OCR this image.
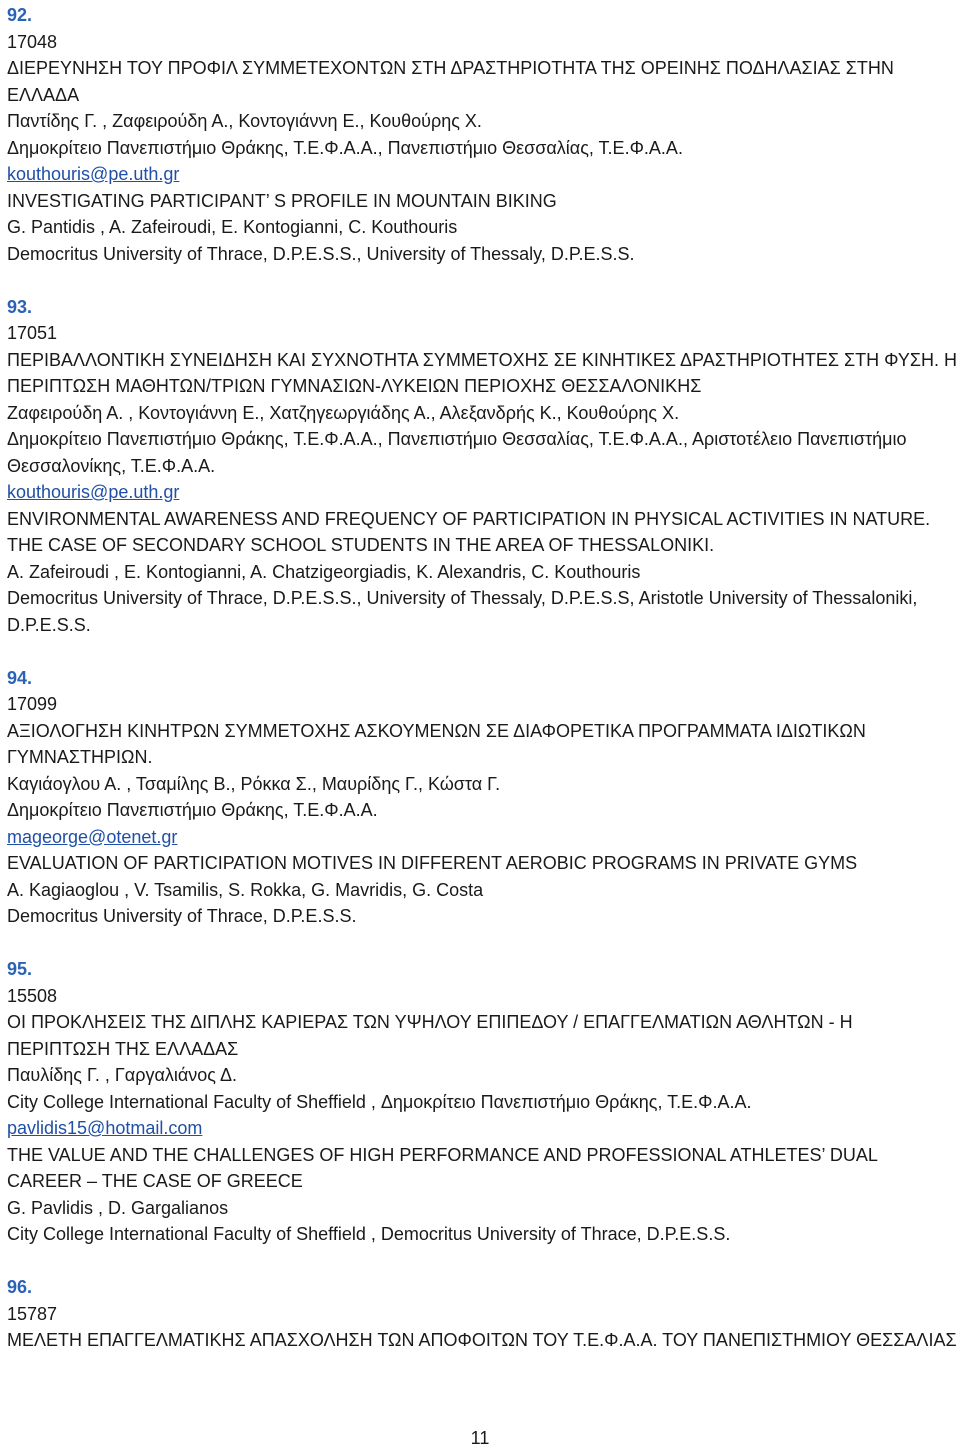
92.
17048
ΔΙΕΡΕΥΝΗΣΗ ΤΟΥ ΠΡΟΦΙΛ ΣΥΜΜΕΤΕΧΟΝΤΩΝ ΣΤΗ ΔΡΑΣΤΗΡΙΟΤΗΤΑ ΤΗΣ ΟΡΕΙΝΗΣ ΠΟΔΗΛΑΣΙΑΣ ΣΤΗΝ ΕΛΛΑΔΑ
Παντίδης Γ. , Ζαφειρούδη Α., Κοντογιάννη Ε., Κουθούρης Χ.
Δημοκρίτειο Πανεπιστήμιο Θράκης, Τ.Ε.Φ.Α.Α., Πανεπιστήμιο Θεσσαλίας, Τ.Ε.Φ.Α.Α.
kouthouris@pe.uth.gr
INVESTIGATING PARTICIPANT’ S PROFILE IN MOUNTAIN BIKING
G. Pantidis , A. Zafeiroudi, E. Kontogianni, C. Kouthouris
Democritus University of Thrace, D.P.E.S.S., University of Thessaly, D.P.E.S.S.
93.
17051
ΠΕΡΙΒΑΛΛΟΝΤΙΚΗ ΣΥΝΕΙΔΗΣΗ ΚΑΙ ΣΥΧΝΟΤΗΤΑ ΣΥΜΜΕΤΟΧΗΣ ΣΕ ΚΙΝΗΤΙΚΕΣ ΔΡΑΣΤΗΡΙΟΤΗΤΕΣ ΣΤΗ ΦΥΣΗ. Η ΠΕΡΙΠΤΩΣΗ ΜΑΘΗΤΩΝ/ΤΡΙΩΝ ΓΥΜΝΑΣΙΩΝ-ΛΥΚΕΙΩΝ ΠΕΡΙΟΧΗΣ ΘΕΣΣΑΛΟΝΙΚΗΣ
Ζαφειρούδη Α. , Κοντογιάννη Ε., Χατζηγεωργιάδης Α., Αλεξανδρής Κ., Κουθούρης Χ.
Δημοκρίτειο Πανεπιστήμιο Θράκης, Τ.Ε.Φ.Α.Α., Πανεπιστήμιο Θεσσαλίας, Τ.Ε.Φ.Α.Α., Αριστοτέλειο Πανεπιστήμιο Θεσσαλονίκης, Τ.Ε.Φ.Α.Α.
kouthouris@pe.uth.gr
ENVIRONMENTAL AWARENESS AND FREQUENCY OF PARTICIPATION IN PHYSICAL ACTIVITIES IN NATURE. THE CASE OF SECONDARY SCHOOL STUDENTS IN THE AREA OF THESSALONIKI.
A. Zafeiroudi , E. Kontogianni, A. Chatzigeorgiadis, K. Alexandris, C. Kouthouris
Democritus University of Thrace, D.P.E.S.S., University of Thessaly, D.P.E.S.S, Aristotle University of Thessaloniki, D.P.E.S.S.
94.
17099
ΑΞΙΟΛΟΓΗΣΗ ΚΙΝΗΤΡΩΝ ΣΥΜΜΕΤΟΧΗΣ ΑΣΚΟΥΜΕΝΩΝ ΣΕ ΔΙΑΦΟΡΕΤΙΚΑ ΠΡΟΓΡΑΜΜΑΤΑ ΙΔΙΩΤΙΚΩΝ ΓΥΜΝΑΣΤΗΡΙΩΝ.
Καγιάογλου Α. , Τσαμίλης Β., Ρόκκα Σ., Μαυρίδης Γ., Κώστα Γ.
Δημοκρίτειο Πανεπιστήμιο Θράκης, Τ.Ε.Φ.Α.Α.
mageorge@otenet.gr
EVALUATION OF PARTICIPATION MOTIVES IN DIFFERENT AEROBIC PROGRAMS IN PRIVATE GYMS
A. Kagiaoglou , V. Tsamilis, S. Rokka, G. Mavridis, G. Costa
Democritus University of Thrace, D.P.E.S.S.
95.
15508
ΟΙ ΠΡΟΚΛΗΣΕΙΣ ΤΗΣ ΔΙΠΛΗΣ ΚΑΡΙΕΡΑΣ ΤΩΝ ΥΨΗΛΟΥ ΕΠΙΠΕΔΟΥ / ΕΠΑΓΓΕΛΜΑΤΙΩΝ ΑΘΛΗΤΩΝ - Η ΠΕΡΙΠΤΩΣΗ ΤΗΣ ΕΛΛΑΔΑΣ
Παυλίδης Γ. , Γαργαλιάνος Δ.
City College International Faculty of Sheffield , Δημοκρίτειο Πανεπιστήμιο Θράκης, Τ.Ε.Φ.Α.Α.
pavlidis15@hotmail.com
THE VALUE AND THE CHALLENGES OF HIGH PERFORMANCE AND PROFESSIONAL ATHLETES’ DUAL CAREER – THE CASE OF GREECE
G. Pavlidis , D. Gargalianos
City College International Faculty of Sheffield , Democritus University of Thrace, D.P.E.S.S.
96.
15787
ΜΕΛΕΤΗ ΕΠΑΓΓΕΛΜΑΤΙΚΗΣ ΑΠΑΣΧΟΛΗΣΗ ΤΩΝ ΑΠΟΦΟΙΤΩΝ ΤΟΥ Τ.Ε.Φ.Α.Α. ΤΟΥ ΠΑΝΕΠΙΣΤΗΜΙΟΥ ΘΕΣΣΑΛΙΑΣ
11
